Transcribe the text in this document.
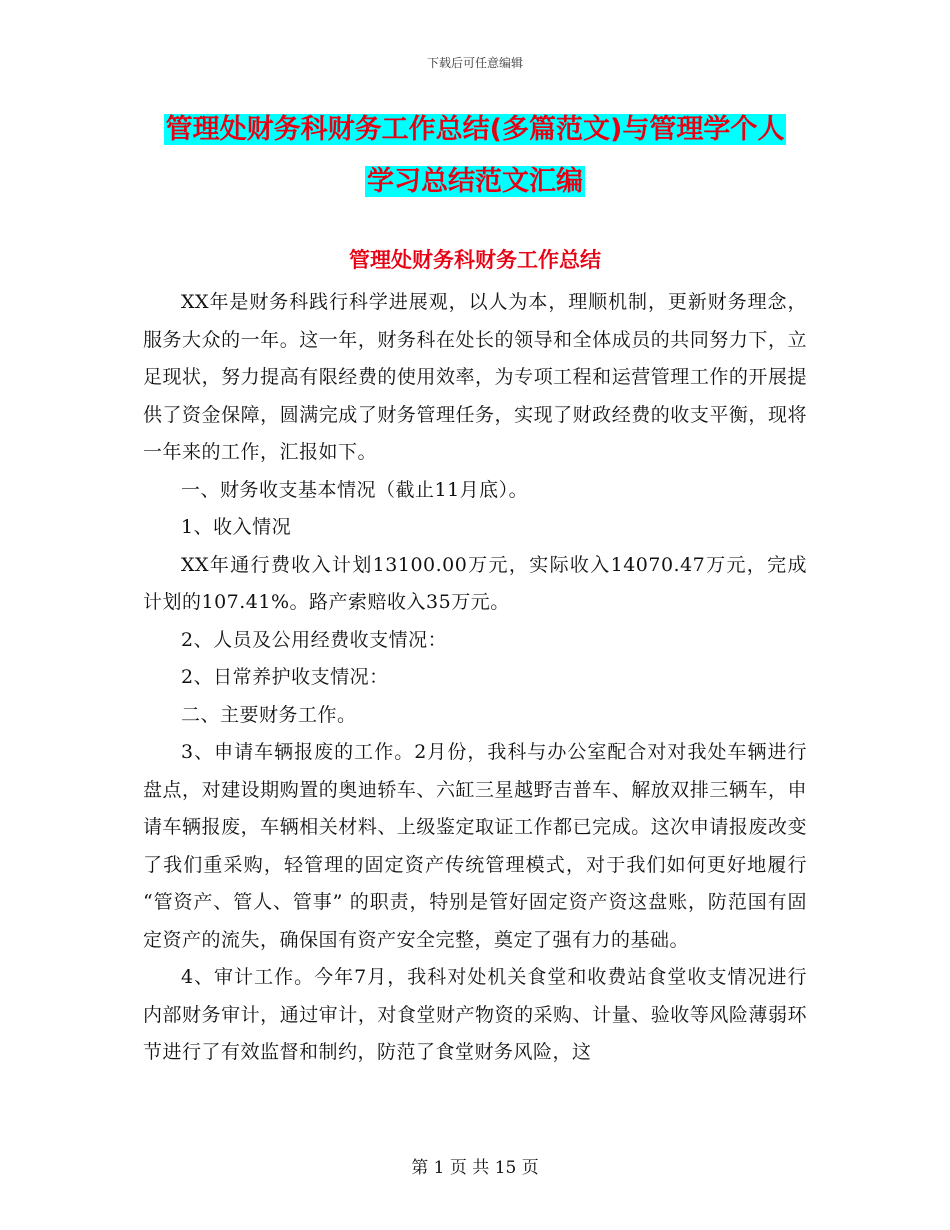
下载后可任意编辑
管理处财务科财务工作总结(多篇范文)与管理学个人
学习总结范文汇编
管理处财务科财务工作总结

XX年是财务科践行科学进展观，以人为本，理顺机制，更新财务理念，服务大众的一年。这一年，财务科在处长的领导和全体成员的共同努力下，立足现状，努力提高有限经费的使用效率，为专项工程和运营管理工作的开展提供了资金保障，圆满完成了财务管理任务，实现了财政经费的收支平衡，现将一年来的工作，汇报如下。

一、财务收支基本情况（截止11月底）。

1、收入情况

XX年通行费收入计划13100.00万元，实际收入14070.47万元，完成计划的107.41%。路产索赔收入35万元。

2、人员及公用经费收支情况：

2、日常养护收支情况：

二、主要财务工作。

3、申请车辆报废的工作。2月份，我科与办公室配合对对我处车辆进行盘点，对建设期购置的奥迪轿车、六缸三星越野吉普车、解放双排三辆车，申请车辆报废，车辆相关材料、上级鉴定取证工作都已完成。这次申请报废改变了我们重采购，轻管理的固定资产传统管理模式，对于我们如何更好地履行 “管资产、管人、管事” 的职责，特别是管好固定资产资这盘账，防范国有固定资产的流失，确保国有资产安全完整，奠定了强有力的基础。

4、审计工作。今年7月，我科对处机关食堂和收费站食堂收支情况进行内部财务审计，通过审计，对食堂财产物资的采购、计量、验收等风险薄弱环节进行了有效监督和制约，防范了食堂财务风险，这

第 1 页 共 15 页
